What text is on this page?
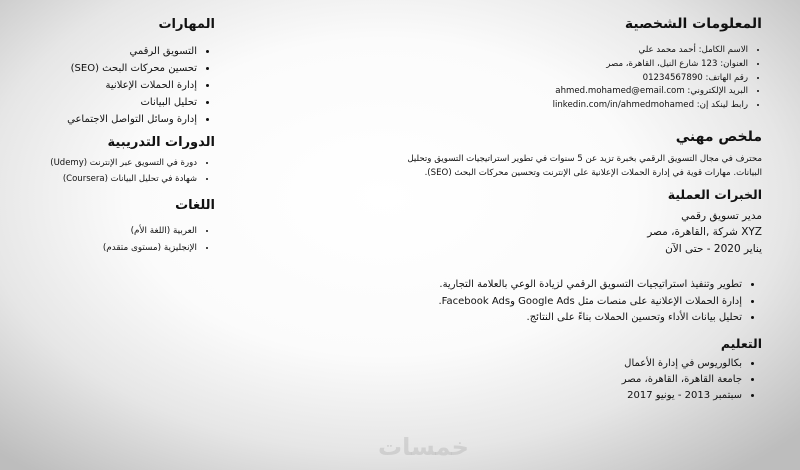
المعلومات الشخصية
• الاسم الكامل: أحمد محمد علي
• العنوان: 123 شارع النيل، القاهرة، مصر
• رقم الهاتف: 01234567890
• البريد الإلكتروني: ahmed.mohamed@email.com
• رابط لينكد إن: linkedin.com/in/ahmedmohamed
ملخص مهني

محترف في مجال التسويق الرقمي بخبرة تزيد عن 5 سنوات في تطوير استراتيجيات التسويق وتحليل البيانات. مهارات قوية في إدارة الحملات الإعلانية على الإنترنت وتحسين محركات البحث (SEO).

الخبرات العملية
مدير تسويق رقمي
XYZ شركة ,القاهرة، مصر
يناير 2020 - حتى الآن
• تطوير وتنفيذ استراتيجيات التسويق الرقمي لزيادة الوعي بالعلامة التجارية.
• إدارة الحملات الإعلانية على منصات مثل Google Ads وFacebook Ads.
• تحليل بيانات الأداء وتحسين الحملات بناءً على النتائج.
التعليم
• بكالوريوس في إدارة الأعمال
• جامعة القاهرة، القاهرة، مصر
• سبتمبر 2013 - يونيو 2017
المهارات
• التسويق الرقمي
• تحسين محركات البحث (SEO)
• إدارة الحملات الإعلانية
• تحليل البيانات
• إدارة وسائل التواصل الاجتماعي
الدورات التدريبية
• دورة في التسويق عبر الإنترنت (Udemy)
• شهادة في تحليل البيانات (Coursera)
اللغات
• العربية (اللغة الأم)
• الإنجليزية (مستوى متقدم)
خمسات
